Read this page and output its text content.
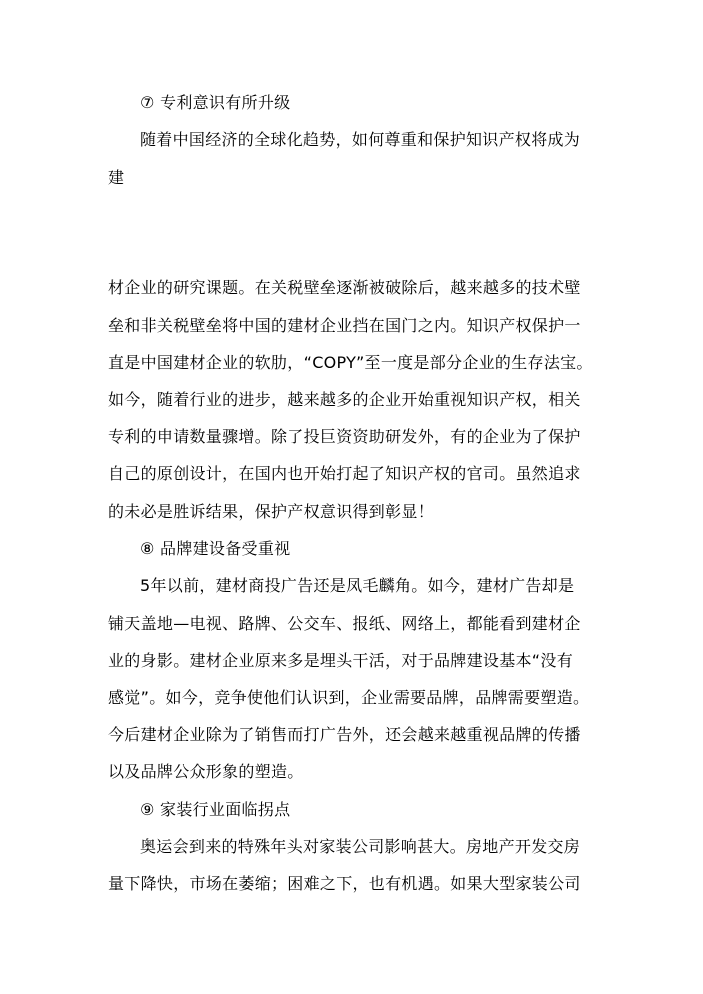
⑦ 专利意识有所升级
随着中国经济的全球化趋势，如何尊重和保护知识产权将成为
建
材企业的研究课题。在关税壁垒逐渐被破除后，越来越多的技术壁
垒和非关税壁垒将中国的建材企业挡在国门之内。知识产权保护一
直是中国建材企业的软肋，“COPY”至一度是部分企业的生存法宝。
如今，随着行业的进步，越来越多的企业开始重视知识产权，相关
专利的申请数量骤增。除了投巨资资助研发外，有的企业为了保护
自己的原创设计，在国内也开始打起了知识产权的官司。虽然追求
的未必是胜诉结果，保护产权意识得到彰显！
⑧ 品牌建设备受重视
5年以前，建材商投广告还是凤毛麟角。如今，建材广告却是
铺天盖地—电视、路牌、公交车、报纸、网络上，都能看到建材企
业的身影。建材企业原来多是埋头干活，对于品牌建设基本“没有
感觉”。如今，竞争使他们认识到，企业需要品牌，品牌需要塑造。
今后建材企业除为了销售而打广告外，还会越来越重视品牌的传播
以及品牌公众形象的塑造。
⑨ 家装行业面临拐点
奥运会到来的特殊年头对家装公司影响甚大。房地产开发交房
量下降快，市场在萎缩；困难之下，也有机遇。如果大型家装公司
